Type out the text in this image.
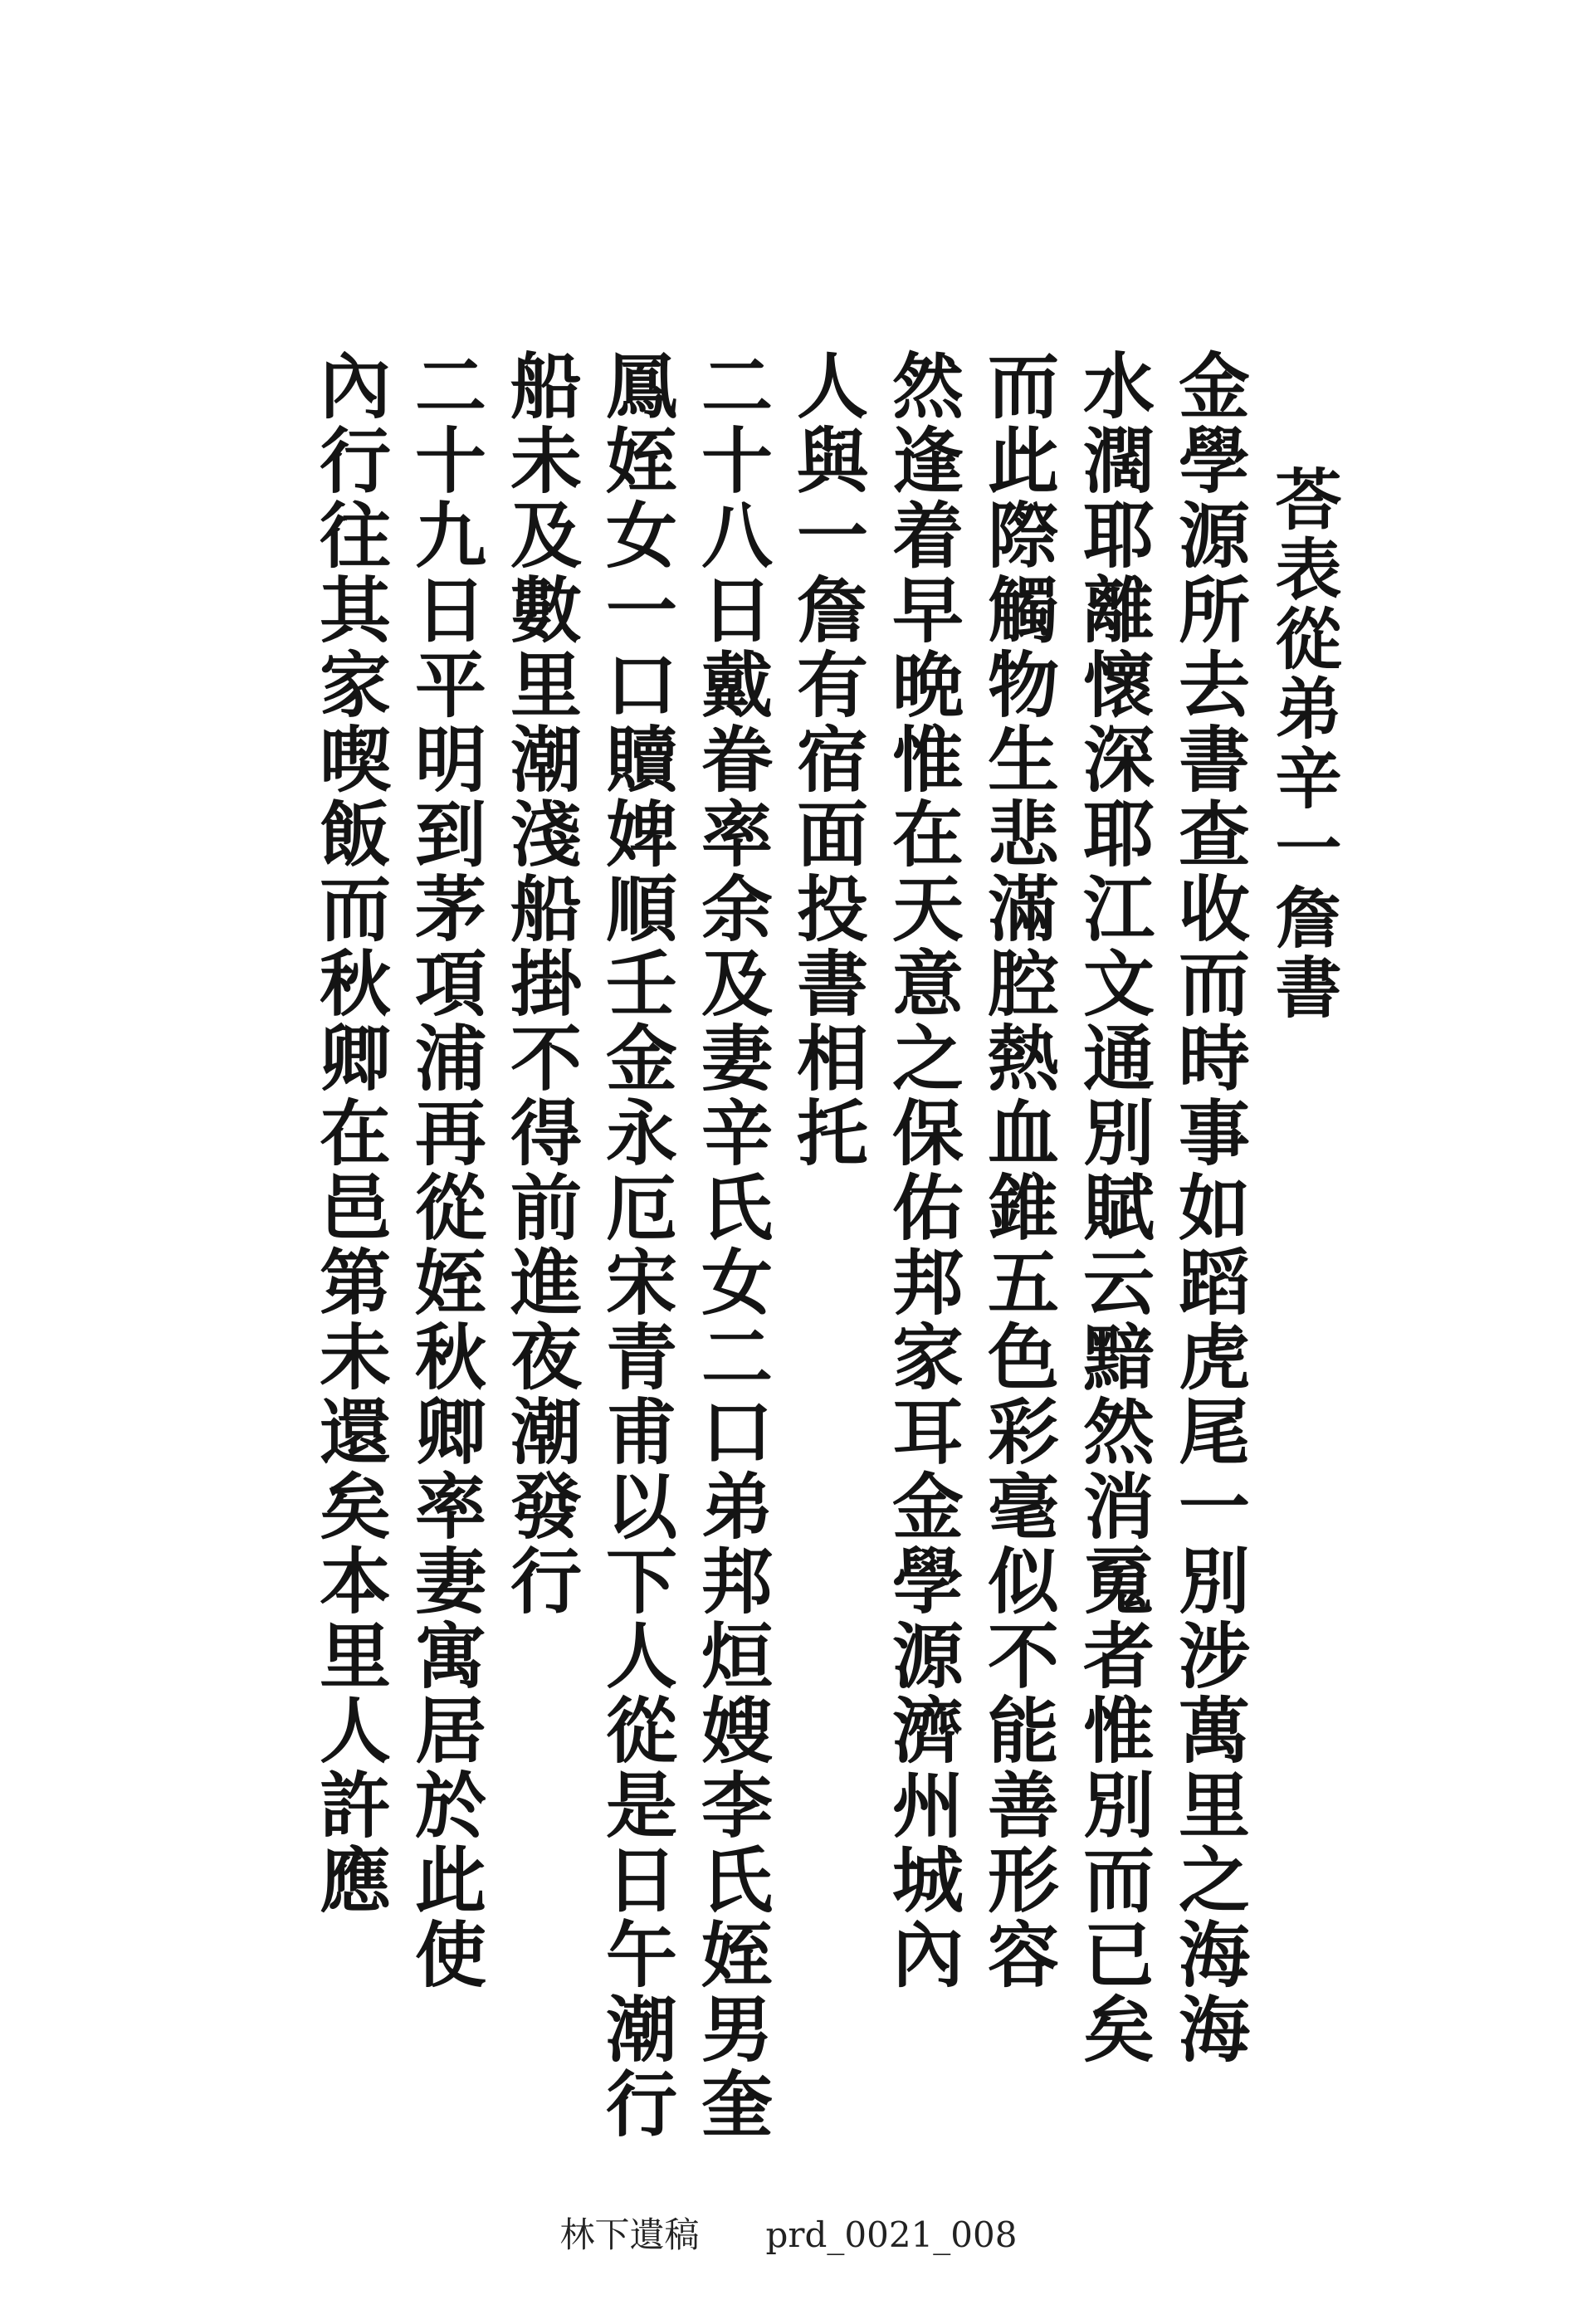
荅表從弟辛一詹書
金學源所去書查收而時事如蹈虎尾一別涉萬里之海海
水濶耶離懷深耶江文通別賦云黯然消䰟者惟別而已矣
而此際觸物生悲滿腔熱血錐五色彩毫似不能善形容
然逢着早晩惟在天意之保佑邦家耳金學源濟州城內
人與一詹有宿面投書相托
二十八日戴眷率余及妻辛氏女二口弟邦烜嫂李氏姪男奎
鳳姪女一口贖婢順壬金永厄宋青甫以下人從是日午潮行
船未及數里潮淺船掛不得前進夜潮發行
二十九日平明到茅項浦再從姪秋卿率妻寓居於此使
內行往其家喫飯而秋卿在邑第未還矣本里人許應
林下遺稿 prd_0021_008
